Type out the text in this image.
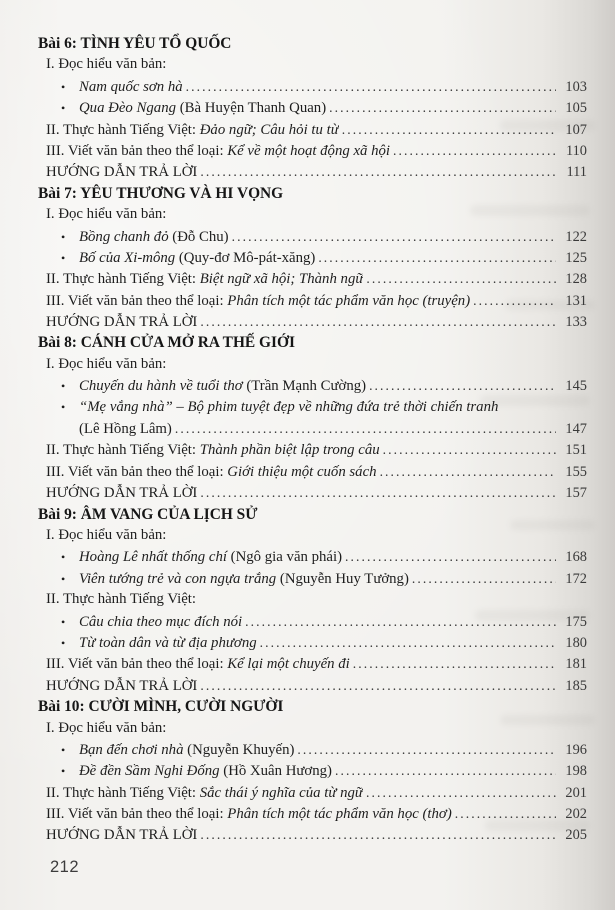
Bài 6: TÌNH YÊU TỔ QUỐC
I. Đọc hiểu văn bản:
• Nam quốc sơn hà .....	103
• Qua Đèo Ngang (Bà Huyện Thanh Quan) .....	105
II. Thực hành Tiếng Việt: Đảo ngữ; Câu hỏi tu từ .....	107
III. Viết văn bản theo thể loại: Kể về một hoạt động xã hội .....	110
HƯỚNG DẪN TRẢ LỜI .....	111
Bài 7: YÊU THƯƠNG VÀ HI VỌNG
I. Đọc hiểu văn bản:
• Bồng chanh đỏ (Đỗ Chu) .....	122
• Bố của Xi-mông (Quy-đơ Mô-pát-xăng) .....	125
II. Thực hành Tiếng Việt: Biệt ngữ xã hội; Thành ngữ .....	128
III. Viết văn bản theo thể loại: Phân tích một tác phẩm văn học (truyện) .....	131
HƯỚNG DẪN TRẢ LỜI .....	133
Bài 8: CÁNH CỬA MỞ RA THẾ GIỚI
I. Đọc hiểu văn bản:
• Chuyến du hành về tuổi thơ (Trần Mạnh Cường) .....	145
• “Mẹ vắng nhà” – Bộ phim tuyệt đẹp về những đứa trẻ thời chiến tranh
(Lê Hồng Lâm) .....	147
II. Thực hành Tiếng Việt: Thành phần biệt lập trong câu .....	151
III. Viết văn bản theo thể loại: Giới thiệu một cuốn sách .....	155
HƯỚNG DẪN TRẢ LỜI .....	157
Bài 9: ÂM VANG CỦA LỊCH SỬ
I. Đọc hiểu văn bản:
• Hoàng Lê nhất thống chí (Ngô gia văn phái) .....	168
• Viên tướng trẻ và con ngựa trắng (Nguyễn Huy Tưởng) .....	172
II. Thực hành Tiếng Việt:
• Câu chia theo mục đích nói .....	175
• Từ toàn dân và từ địa phương .....	180
III. Viết văn bản theo thể loại: Kể lại một chuyến đi .....	181
HƯỚNG DẪN TRẢ LỜI .....	185
Bài 10: CƯỜI MÌNH, CƯỜI NGƯỜI
I. Đọc hiểu văn bản:
• Bạn đến chơi nhà (Nguyễn Khuyến) .....	196
• Đề đền Sầm Nghi Đống (Hồ Xuân Hương) .....	198
II. Thực hành Tiếng Việt: Sắc thái ý nghĩa của từ ngữ .....	201
III. Viết văn bản theo thể loại: Phân tích một tác phẩm văn học (thơ) .....	202
HƯỚNG DẪN TRẢ LỜI .....	205
212
